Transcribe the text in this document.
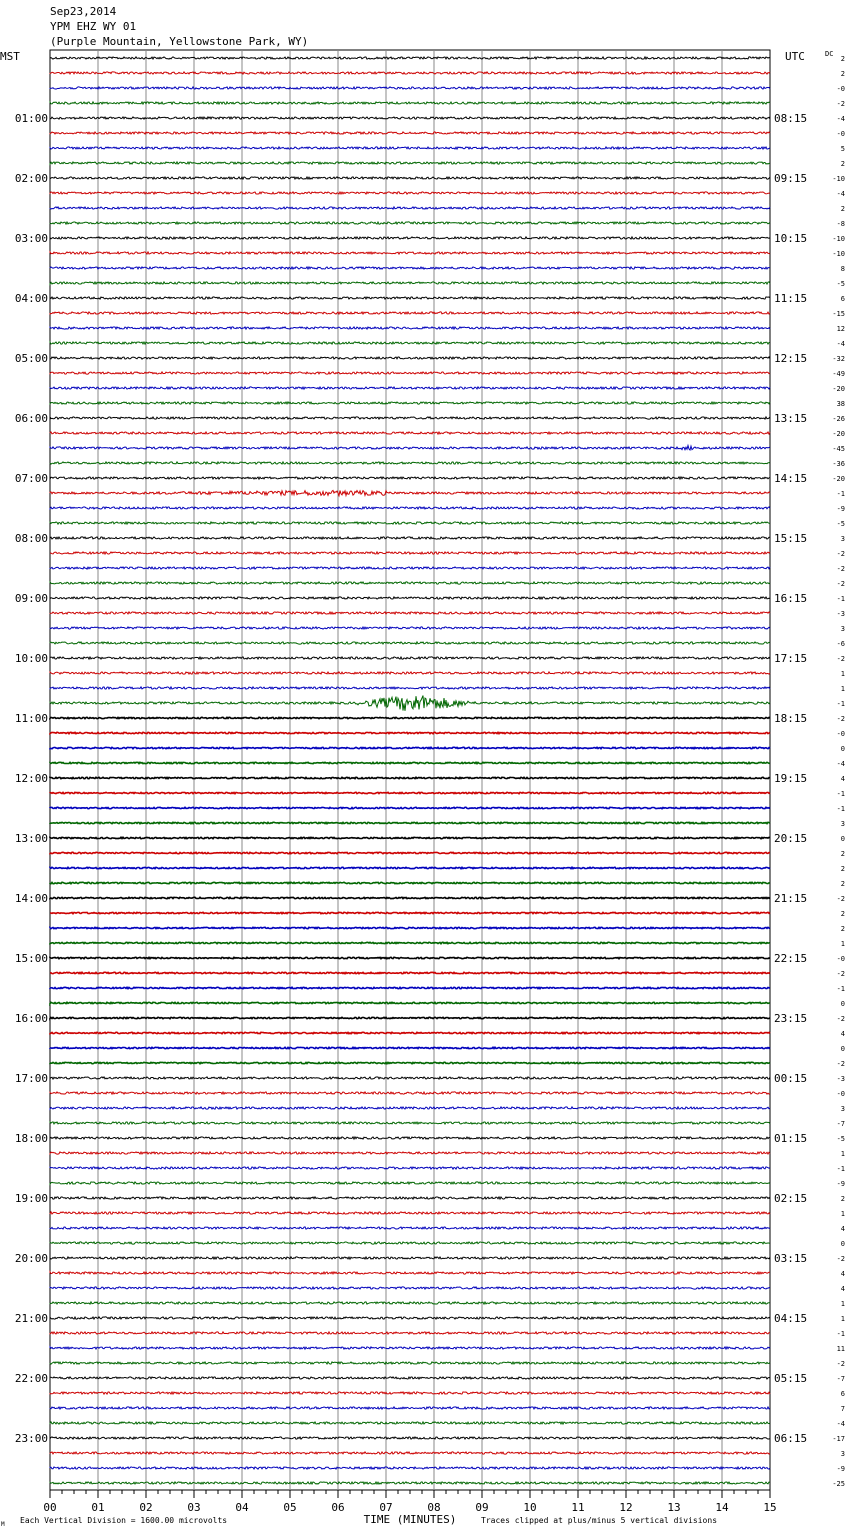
Sep23,2014
YPM EHZ WY 01
(Purple Mountain, Yellowstone Park, WY)
2
2
-0
-2
-4
-0
5
2
-10
-4
2
-8
-10
-10
8
-5
6
-15
12
-4
-32
-49
-20
38
-26
-20
-45
-36
-20
-1
-9
-5
3
-2
-2
-2
-1
-3
3
-6
-2
1
1
-1
-2
-0
0
-4
4
-1
-1
3
0
2
2
2
-2
2
2
1
-0
-2
-1
0
-2
4
0
-2
-3
-0
3
-7
-5
1
-1
-9
2
1
4
0
-2
4
4
1
1
-1
11
-2
-7
6
7
-4
-17
3
-9
-25
01:00
02:00
03:00
04:00
05:00
06:00
07:00
08:00
09:00
10:00
11:00
12:00
13:00
14:00
15:00
16:00
17:00
18:00
19:00
20:00
21:00
22:00
23:00
08:15
09:15
10:15
11:15
12:15
13:15
14:15
15:15
16:15
17:15
18:15
19:15
20:15
21:15
22:15
23:15
00:15
01:15
02:15
03:15
04:15
05:15
06:15
MST	UTC	DC
00	01	02	03	04	05	06	07	08	09	10	11	12	13	14	15
TIME (MINUTES)
M Each Vertical Division = 1600.00 microvolts	Traces clipped at plus/minus 5 vertical divisions
